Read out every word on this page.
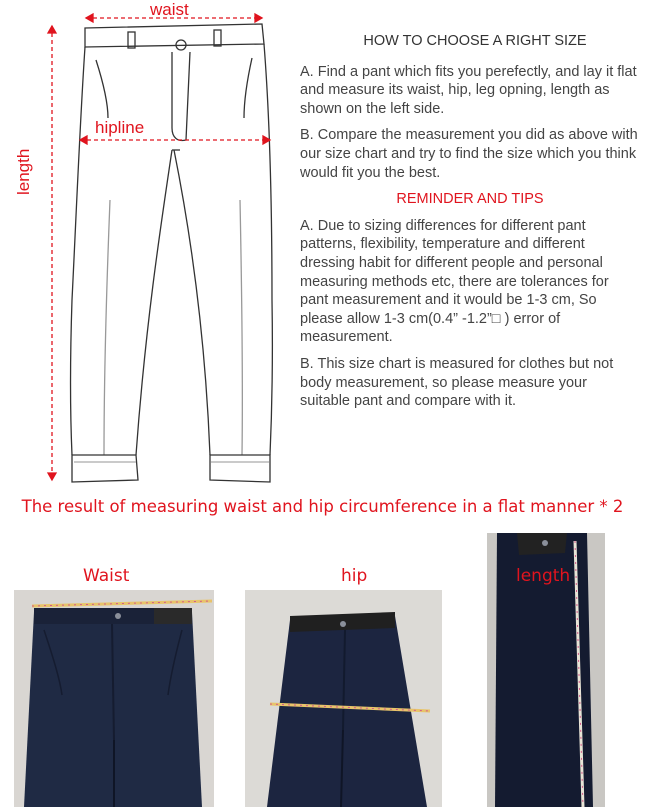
waist
hipline
length

HOW TO CHOOSE A RIGHT SIZE

A. Find a pant which fits you perefectly, and lay it flat and measure its waist, hip, leg opning, length as shown on the left side.

B. Compare the measurement you did as above with our size chart and try to find the size which you think would fit you the best.

REMINDER AND TIPS

A. Due to sizing differences for different pant patterns, flexibility, temperature and different dressing habit for different people and personal measuring methods etc, there are tolerances for pant measurement and it would be 1-3 cm, So please allow 1-3 cm(0.4” -1.2”□ ) error of measurement.

B. This size chart is measured for clothes but not body measurement, so please measure your suitable pant and compare with it.

The result of measuring waist and hip circumference in a flat manner * 2
Waist	hip	length
